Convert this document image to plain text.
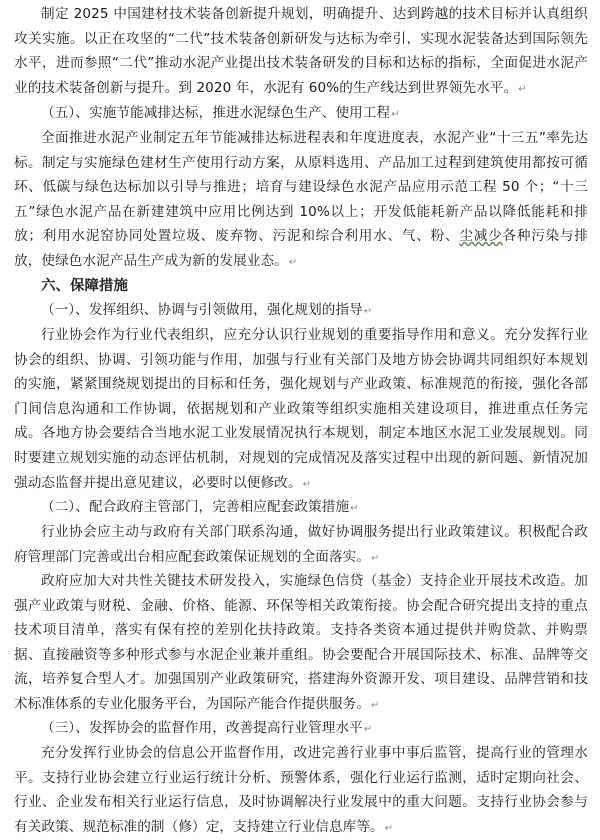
制定 2025 中国建材技术装备创新提升规划，明确提升、达到跨越的技术目标并认真组织攻关实施。以正在攻坚的“二代”技术装备创新研发与达标为牵引，实现水泥装备达到国际领先水平，进而参照“二代”推动水泥产业提出技术装备研发的目标和达标的指标，全面促进水泥产业的技术装备创新与提升。到 2020 年，水泥有 60%的生产线达到世界领先水平。↵

（五）、实施节能减排达标，推进水泥绿色生产、使用工程↵

全面推进水泥产业制定五年节能减排达标进程表和年度进度表，水泥产业“十三五”率先达标。制定与实施绿色建材生产使用行动方案，从原料选用、产品加工过程到建筑使用都按可循环、低碳与绿色达标加以引导与推进；培育与建设绿色水泥产品应用示范工程 50 个；“十三五”绿色水泥产品在新建建筑中应用比例达到 10%以上；开发低能耗新产品以降低能耗和排放；利用水泥窑协同处置垃圾、废弃物、污泥和综合利用水、气、粉、尘减少各种污染与排放，使绿色水泥产品生产成为新的发展业态。↵

六、保障措施

（一）、发挥组织、协调与引领做用，强化规划的指导↵

行业协会作为行业代表组织，应充分认识行业规划的重要指导作用和意义。充分发挥行业协会的组织、协调、引领功能与作用，加强与行业有关部门及地方协会协调共同组织好本规划的实施，紧紧围绕规划提出的目标和任务，强化规划与产业政策、标准规范的衔接，强化各部门间信息沟通和工作协调，依据规划和产业政策等组织实施相关建设项目，推进重点任务完成。各地方协会要结合当地水泥工业发展情况执行本规划，制定本地区水泥工业发展规划。同时要建立规划实施的动态评估机制，对规划的完成情况及落实过程中出现的新问题、新情况加强动态监督并提出意见建议，必要时以便修改。↵

（二）、配合政府主管部门，完善相应配套政策措施↵

行业协会应主动与政府有关部门联系沟通，做好协调服务提出行业政策建议。积极配合政府管理部门完善或出台相应配套政策保证规划的全面落实。↵

政府应加大对共性关键技术研发投入，实施绿色信贷（基金）支持企业开展技术改造。加强产业政策与财税、金融、价格、能源、环保等相关政策衔接。协会配合研究提出支持的重点技术项目清单，落实有保有控的差别化扶持政策。支持各类资本通过提供并购贷款、并购票据、直接融资等多种形式参与水泥企业兼并重组。协会要配合开展国际技术、标准、品牌等交流，培养复合型人才。加强国别产业政策研究，搭建海外资源开发、项目建设、品牌营销和技术标准体系的专业化服务平台，为国际产能合作提供服务。↵

（三）、发挥协会的监督作用，改善提高行业管理水平↵

充分发挥行业协会的信息公开监督作用，改进完善行业事中事后监管，提高行业的管理水平。支持行业协会建立行业运行统计分析、预警体系，强化行业运行监测，适时定期向社会、行业、企业发布相关行业运行信息，及时协调解决行业发展中的重大问题。支持行业协会参与有关政策、规范标准的制（修）定，支持建立行业信息库等。↵
